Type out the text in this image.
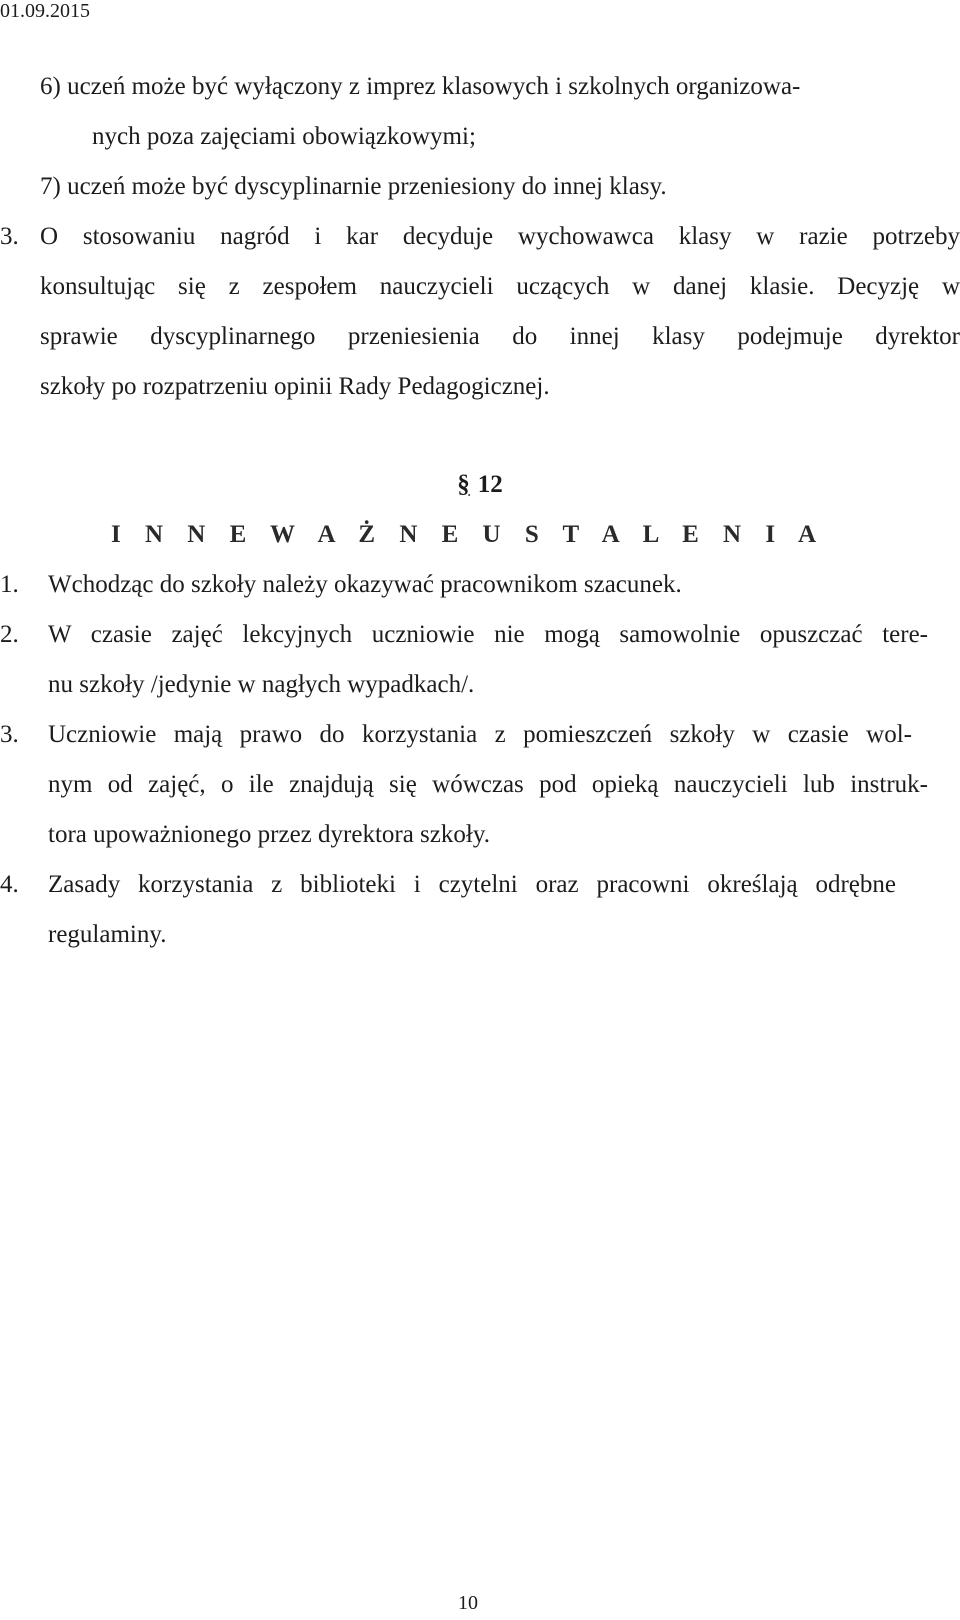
01.09.2015
6) uczeń może być wyłączony z imprez klasowych i szkolnych organizowa-
nych poza zajęciami obowiązkowymi;
7) uczeń może być dyscyplinarnie przeniesiony do innej klasy.
3. O stosowaniu nagród i kar decyduje wychowawca klasy w razie potrzeby
konsultując się z zespołem nauczycieli uczących w danej klasie. Decyzję w
sprawie dyscyplinarnego przeniesienia do innej klasy podejmuje dyrektor
szkoły po rozpatrzeniu opinii Rady Pedagogicznej.
§ 12
I N N E W A Ż N E U S T A L E N I A
1. Wchodząc do szkoły należy okazywać pracownikom szacunek.
2. W czasie zajęć lekcyjnych uczniowie nie mogą samowolnie opuszczać tere-
nu szkoły /jedynie w nagłych wypadkach/.
3. Uczniowie mają prawo do korzystania z pomieszczeń szkoły w czasie wol-
nym od zajęć, o ile znajdują się wówczas pod opieką nauczycieli lub instruk-
tora upoważnionego przez dyrektora szkoły.
4. Zasady korzystania z biblioteki i czytelni oraz pracowni określają odrębne
regulaminy.
10
